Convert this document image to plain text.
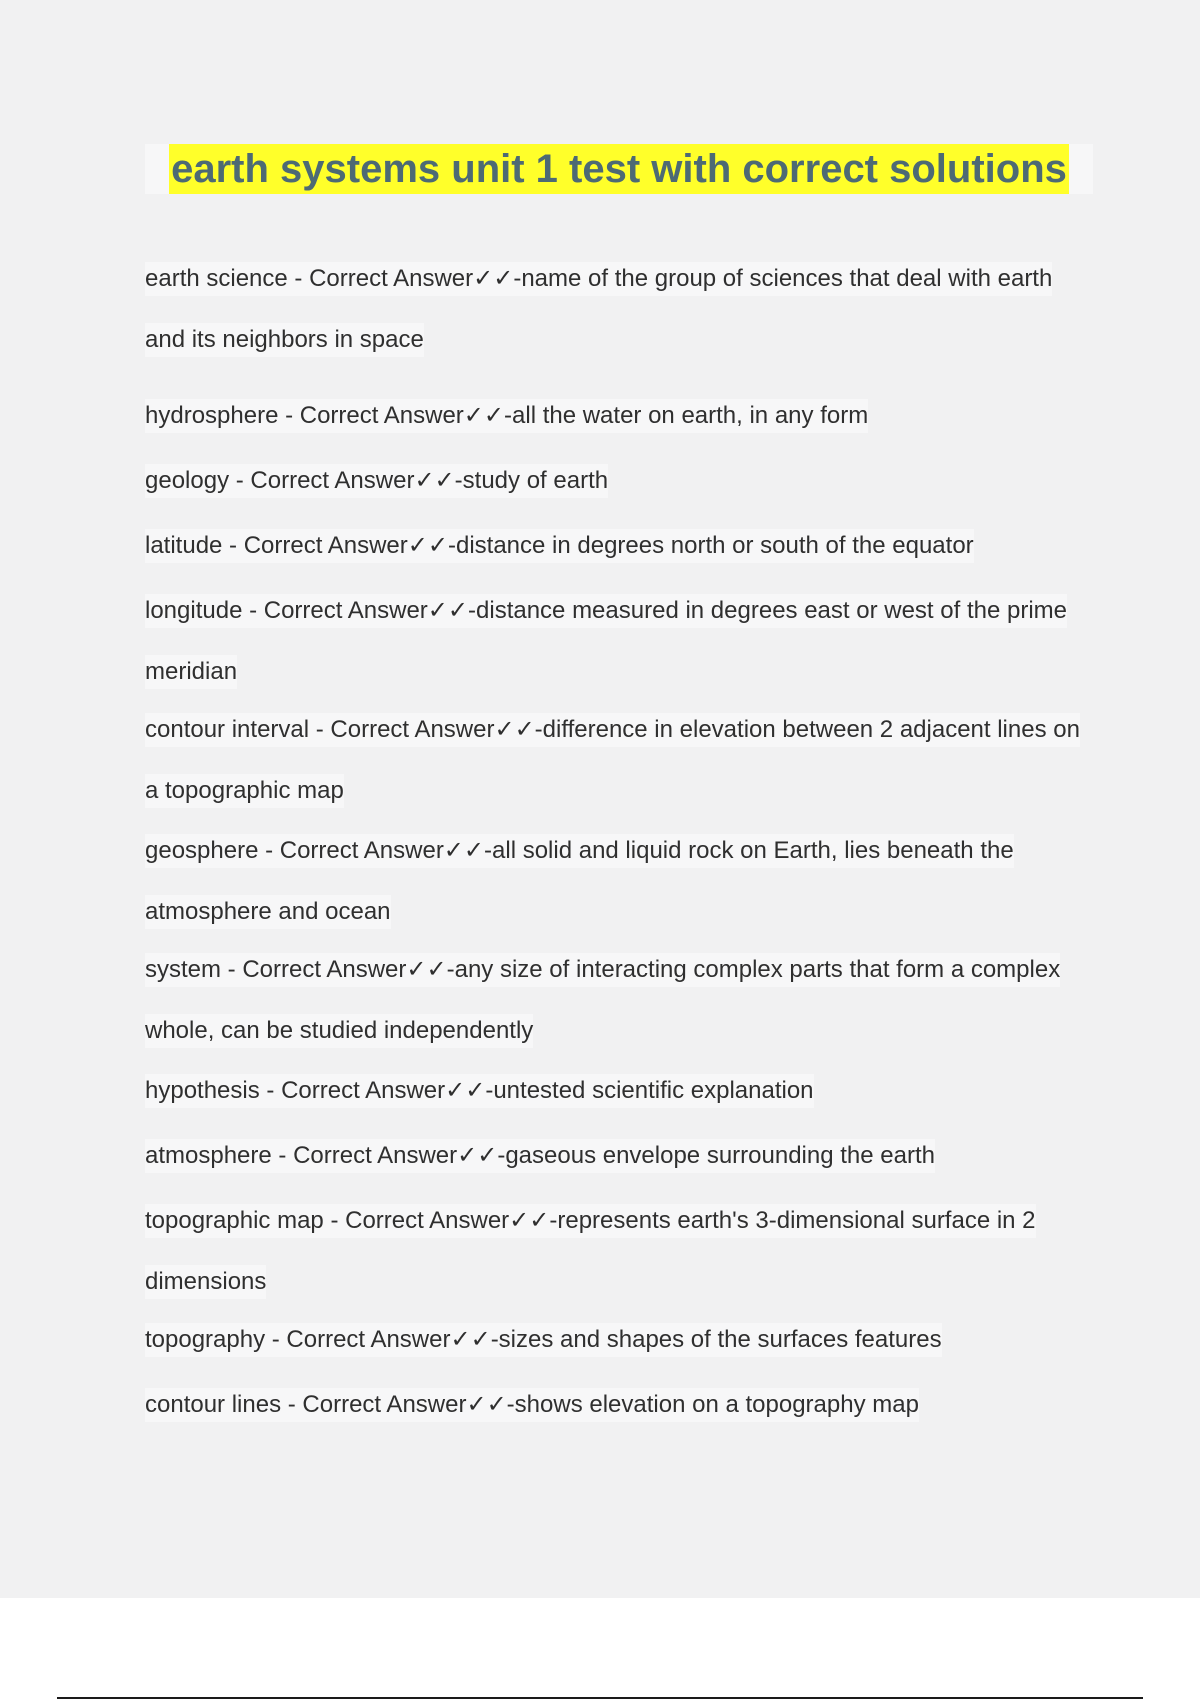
earth systems unit 1 test with correct solutions
earth science - Correct Answer✓✓-name of the group of sciences that deal with earth
and its neighbors in space
hydrosphere - Correct Answer✓✓-all the water on earth, in any form
geology - Correct Answer✓✓-study of earth
latitude - Correct Answer✓✓-distance in degrees north or south of the equator
longitude - Correct Answer✓✓-distance measured in degrees east or west of the prime
meridian
contour interval - Correct Answer✓✓-difference in elevation between 2 adjacent lines on
a topographic map
geosphere - Correct Answer✓✓-all solid and liquid rock on Earth, lies beneath the
atmosphere and ocean
system - Correct Answer✓✓-any size of interacting complex parts that form a complex
whole, can be studied independently
hypothesis - Correct Answer✓✓-untested scientific explanation
atmosphere - Correct Answer✓✓-gaseous envelope surrounding the earth
topographic map - Correct Answer✓✓-represents earth's 3-dimensional surface in 2
dimensions
topography - Correct Answer✓✓-sizes and shapes of the surfaces features
contour lines - Correct Answer✓✓-shows elevation on a topography map
